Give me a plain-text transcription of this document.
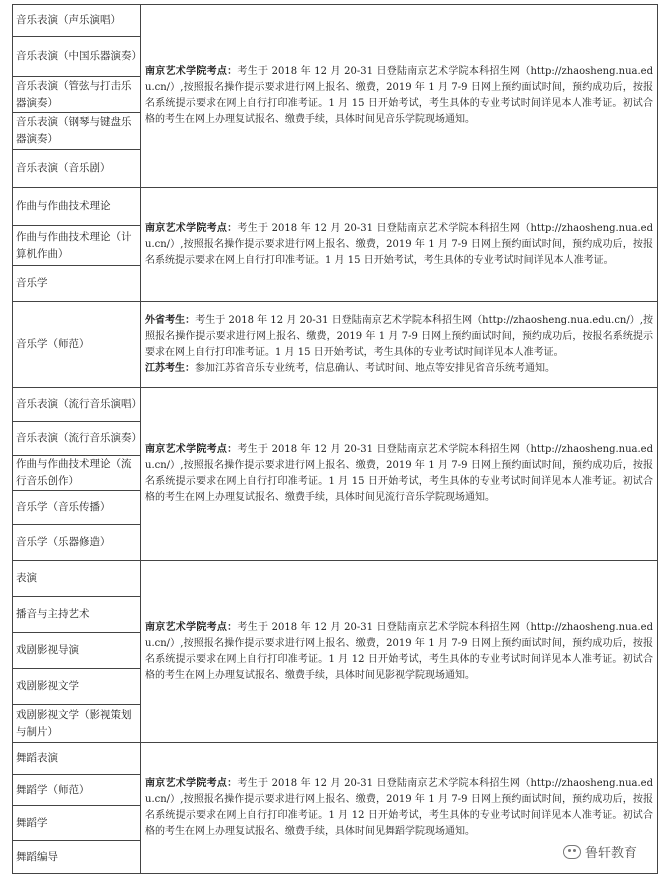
音乐表演（声乐演唱）	南京艺术学院考点：考生于 2018 年 12 月 20-31 日登陆南京艺术学院本科招生网（http://zhaosheng.nua.edu.cn/）,按照报名操作提示要求进行网上报名、缴费，2019 年 1 月 7-9 日网上预约面试时间，预约成功后，按报名系统提示要求在网上自行打印准考证。1 月 15 日开始考试，考生具体的专业考试时间详见本人准考证。初试合格的考生在网上办理复试报名、缴费手续，具体时间见音乐学院现场通知。

音乐表演（中国乐器演奏）	
音乐表演（管弦与打击乐器演奏）	
音乐表演（钢琴与键盘乐器演奏）	
音乐表演（音乐剧）	
作曲与作曲技术理论	南京艺术学院考点：考生于 2018 年 12 月 20-31 日登陆南京艺术学院本科招生网（http://zhaosheng.nua.edu.cn/）,按照报名操作提示要求进行网上报名、缴费，2019 年 1 月 7-9 日网上预约面试时间，预约成功后，按报名系统提示要求在网上自行打印准考证。1 月 15 日开始考试，考生具体的专业考试时间详见本人准考证。

作曲与作曲技术理论（计算机作曲）	
音乐学	
音乐学（师范）	外省考生：考生于 2018 年 12 月 20-31 日登陆南京艺术学院本科招生网（http://zhaosheng.nua.edu.cn/）,按照报名操作提示要求进行网上报名、缴费，2019 年 1 月 7-9 日网上预约面试时间，预约成功后，按报名系统提示要求在网上自行打印准考证。1 月 15 日开始考试，考生具体的专业考试时间详见本人准考证。
江苏考生：参加江苏省音乐专业统考，信息确认、考试时间、地点等安排见省音乐统考通知。

音乐表演（流行音乐演唱）	南京艺术学院考点：考生于 2018 年 12 月 20-31 日登陆南京艺术学院本科招生网（http://zhaosheng.nua.edu.cn/）,按照报名操作提示要求进行网上报名、缴费，2019 年 1 月 7-9 日网上预约面试时间，预约成功后，按报名系统提示要求在网上自行打印准考证。1 月 15 日开始考试，考生具体的专业考试时间详见本人准考证。初试合格的考生在网上办理复试报名、缴费手续，具体时间见流行音乐学院现场通知。

音乐表演（流行音乐演奏）	
作曲与作曲技术理论（流行音乐创作）	
音乐学（音乐传播）	
音乐学（乐器修造）	
表演	南京艺术学院考点：考生于 2018 年 12 月 20-31 日登陆南京艺术学院本科招生网（http://zhaosheng.nua.edu.cn/）,按照报名操作提示要求进行网上报名、缴费，2019 年 1 月 7-9 日网上预约面试时间，预约成功后，按报名系统提示要求在网上自行打印准考证。1 月 12 日开始考试，考生具体的专业考试时间详见本人准考证。初试合格的考生在网上办理复试报名、缴费手续，具体时间见影视学院现场通知。

播音与主持艺术	
戏剧影视导演	
戏剧影视文学	
戏剧影视文学（影视策划与制片）	
舞蹈表演	南京艺术学院考点：考生于 2018 年 12 月 20-31 日登陆南京艺术学院本科招生网（http://zhaosheng.nua.edu.cn/）,按照报名操作提示要求进行网上报名、缴费，2019 年 1 月 7-9 日网上预约面试时间，预约成功后，按报名系统提示要求在网上自行打印准考证。1 月 12 日开始考试，考生具体的专业考试时间详见本人准考证。初试合格的考生在网上办理复试报名、缴费手续，具体时间见舞蹈学院现场通知。

舞蹈学（师范）	
舞蹈学	
舞蹈编导		鲁轩教育
